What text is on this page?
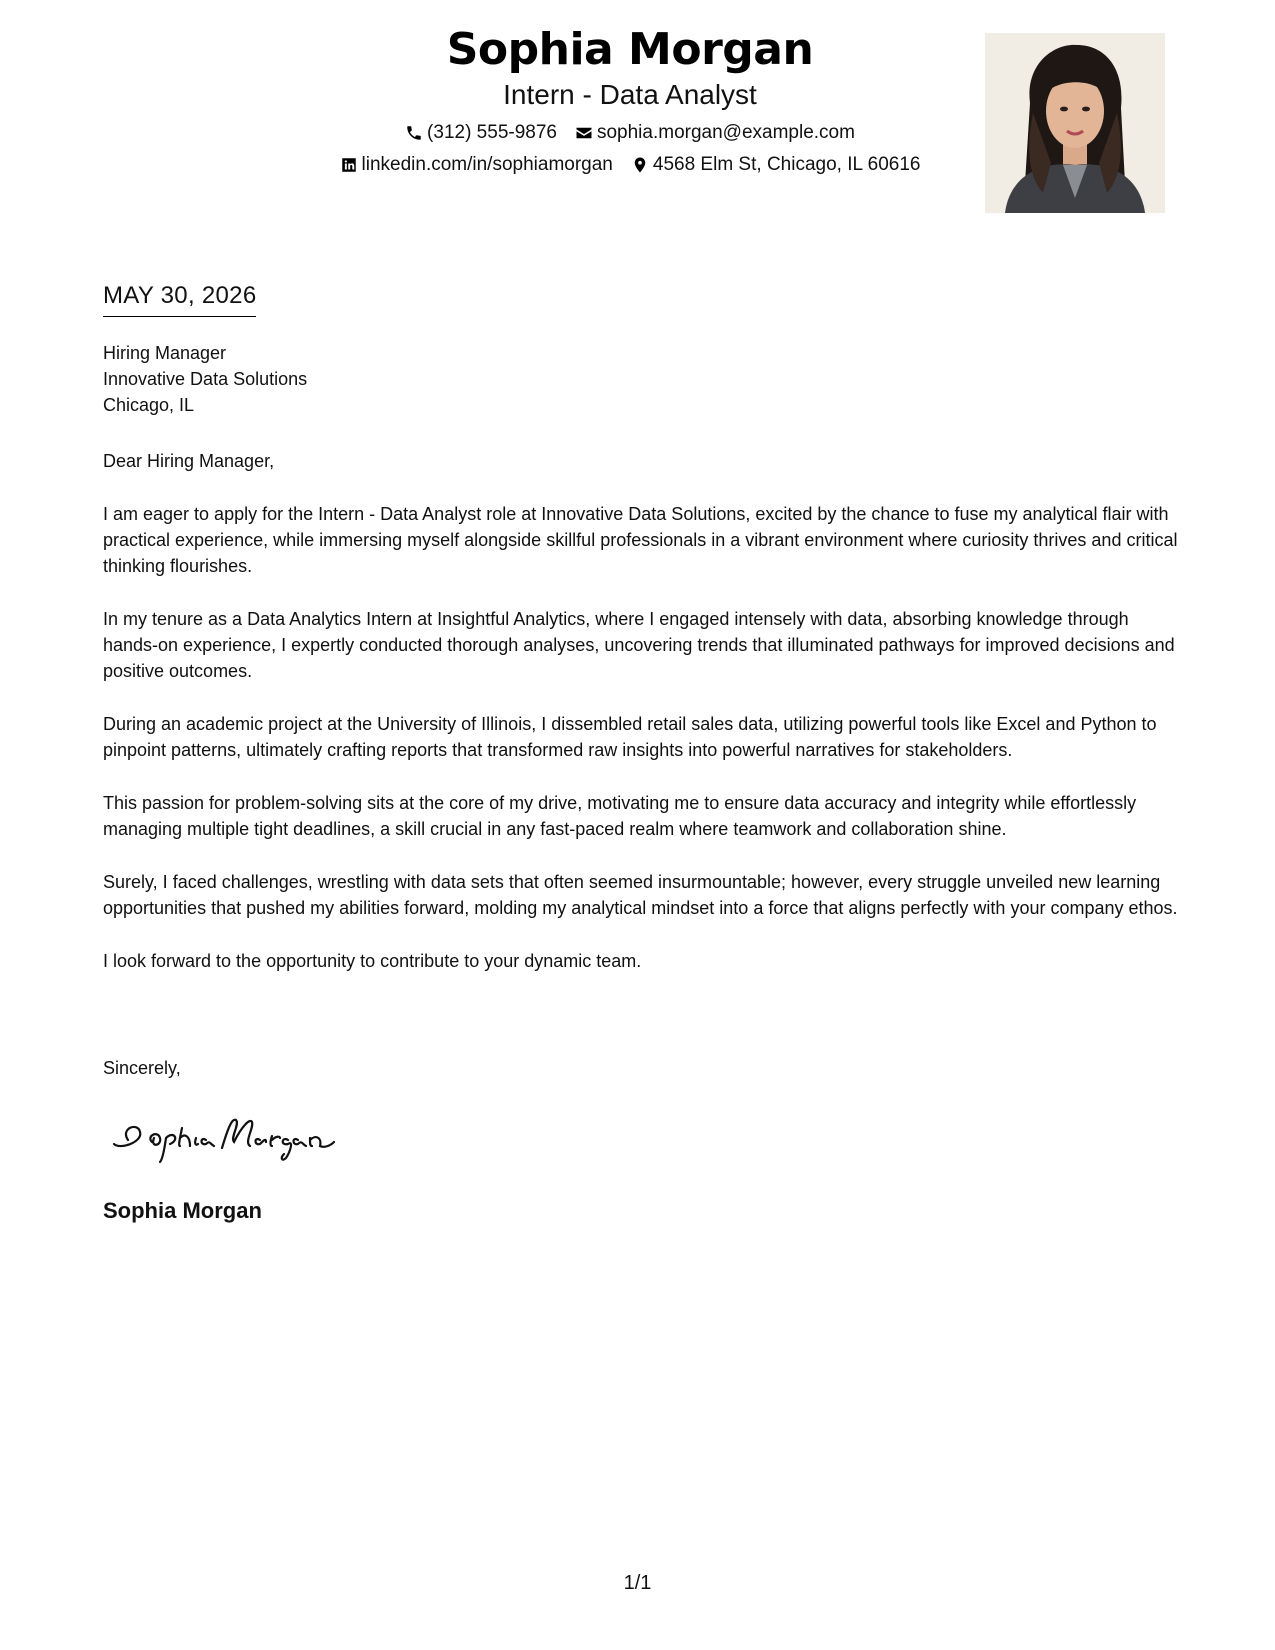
Sophia Morgan
Intern - Data Analyst
(312) 555-9876 sophia.morgan@example.com
linkedin.com/in/sophiamorgan 4568 Elm St, Chicago, IL 60616
MAY 30, 2026
Hiring Manager
Innovative Data Solutions
Chicago, IL

Dear Hiring Manager,

I am eager to apply for the Intern - Data Analyst role at Innovative Data Solutions, excited by the chance to fuse my analytical flair with practical experience, while immersing myself alongside skillful professionals in a vibrant environment where curiosity thrives and critical thinking flourishes.

In my tenure as a Data Analytics Intern at Insightful Analytics, where I engaged intensely with data, absorbing knowledge through hands-on experience, I expertly conducted thorough analyses, uncovering trends that illuminated pathways for improved decisions and positive outcomes.

During an academic project at the University of Illinois, I dissembled retail sales data, utilizing powerful tools like Excel and Python to pinpoint patterns, ultimately crafting reports that transformed raw insights into powerful narratives for stakeholders.

This passion for problem-solving sits at the core of my drive, motivating me to ensure data accuracy and integrity while effortlessly managing multiple tight deadlines, a skill crucial in any fast-paced realm where teamwork and collaboration shine.

Surely, I faced challenges, wrestling with data sets that often seemed insurmountable; however, every struggle unveiled new learning opportunities that pushed my abilities forward, molding my analytical mindset into a force that aligns perfectly with your company ethos.

I look forward to the opportunity to contribute to your dynamic team.

Sincerely,
Sophia Morgan
1/1
